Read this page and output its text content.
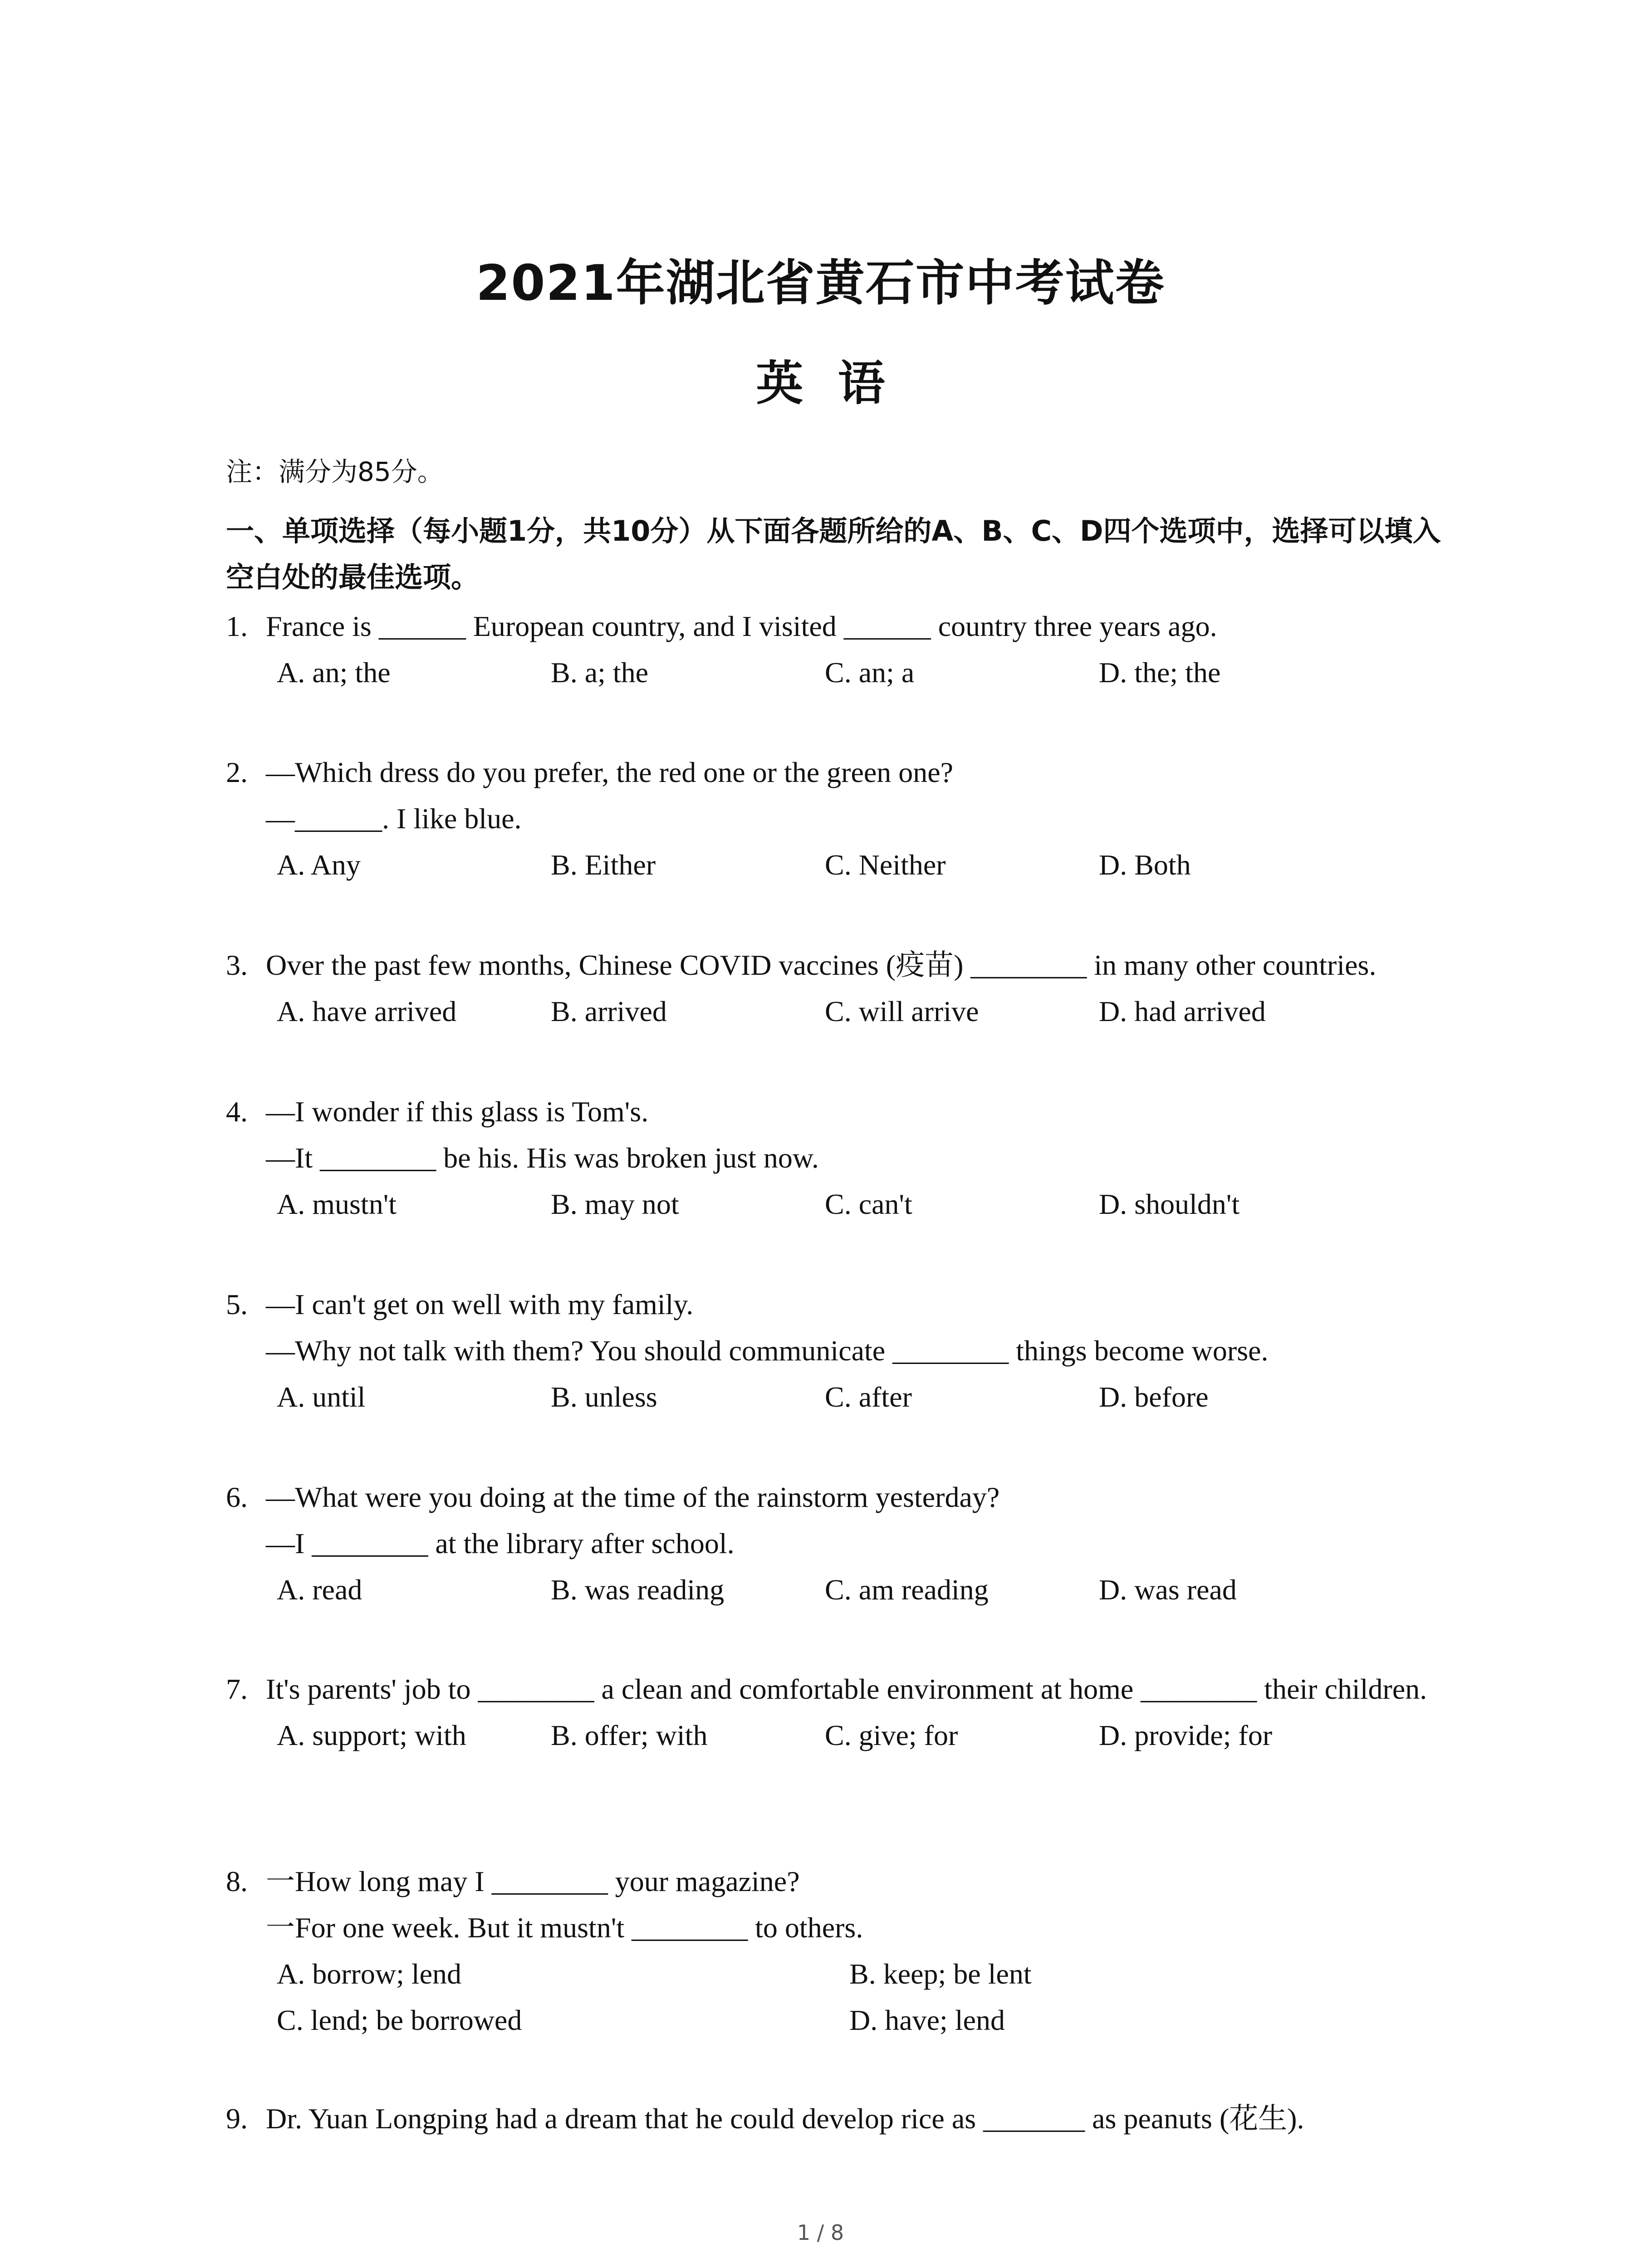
2021年湖北省黄石市中考试卷
英 语
注：满分为85分。
一、单项选择（每小题1分，共10分）从下面各题所给的A、B、C、D四个选项中，选择可以填入空白处的最佳选项。
1. France is ______ European country, and I visited ______ country three years ago.
A. an; the	B. a; the	C. an; a	D. the; the
2. —Which dress do you prefer, the red one or the green one?
—______. I like blue.
A. Any	B. Either	C. Neither	D. Both
3. Over the past few months, Chinese COVID vaccines (疫苗) ________ in many other countries.
A. have arrived	B. arrived	C. will arrive	D. had arrived
4. —I wonder if this glass is Tom's.
—It ________ be his. His was broken just now.
A. mustn't	B. may not	C. can't	D. shouldn't
5. —I can't get on well with my family.
—Why not talk with them? You should communicate ________ things become worse.
A. until	B. unless	C. after	D. before
6. —What were you doing at the time of the rainstorm yesterday?
—I ________ at the library after school.
A. read	B. was reading	C. am reading	D. was read
7. It's parents' job to ________ a clean and comfortable environment at home ________ their children.
A. support; with	B. offer; with	C. give; for	D. provide; for
8. 一How long may I ________ your magazine?
一For one week. But it mustn't ________ to others.
A. borrow; lend	B. keep; be lent
C. lend; be borrowed	D. have; lend
9. Dr. Yuan Longping had a dream that he could develop rice as _______ as peanuts (花生).
1 / 8
